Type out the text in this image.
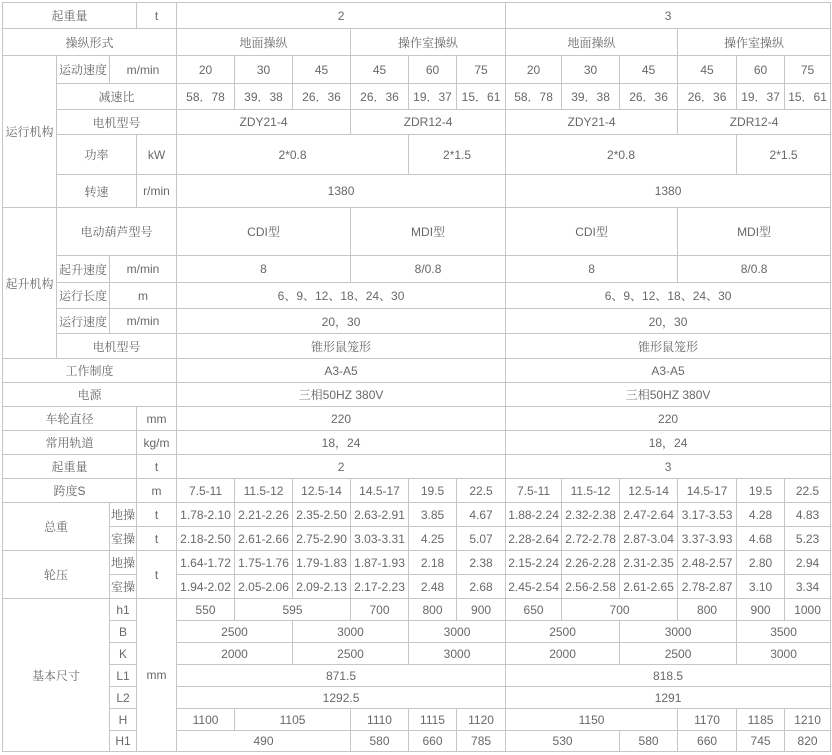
起重量			t	2						3					
操纵形式				地面操纵			操作室操纵			地面操纵			操作室操纵		
运行机构	运动速度	m/min		20	30	45	45	60	75	20	30	45	45	60	75
	减速比			58．78	39．38	26．36	26．36	19．37	15．61	58．78	39．38	26．36	26．36	19．37	15．61
	电机型号			ZDY21-4			ZDR12-4			ZDY21-4			ZDR12-4		
	功率		kW	2*0.8				2*1.5		2*0.8				2*1.5	
	转速		r/min	1380						1380					
起升机构	电动葫芦型号			CDI型			MDI型			CDI型			MDI型		
	起升速度	m/min		8			8/0.8			8			8/0.8		
	运行长度	m		6、9、12、18、24、30						6、9、12、18、24、30					
	运行速度	m/min		20，30						20，30					
	电机型号			锥形鼠笼形						锥形鼠笼形					
工作制度				A3-A5						A3-A5					
电源				三相50HZ 380V						三相50HZ 380V					
车轮直径			mm	220						220					
常用轨道			kg/m	18，24						18，24					
起重量			t	2						3					
跨度S			m	7.5-11	11.5-12	12.5-14	14.5-17	19.5	22.5	7.5-11	11.5-12	12.5-14	14.5-17	19.5	22.5
总重		地操	t	1.78-2.10	2.21-2.26	2.35-2.50	2.63-2.91	3.85	4.67	1.88-2.24	2.32-2.38	2.47-2.64	3.17-3.53	4.28	4.83
		室操	t	2.18-2.50	2.61-2.66	2.75-2.90	3.03-3.31	4.25	5.07	2.28-2.64	2.72-2.78	2.87-3.04	3.37-3.93	4.68	5.23
轮压		地操	t	1.64-1.72	1.75-1.76	1.79-1.83	1.87-1.93	2.18	2.38	2.15-2.24	2.26-2.28	2.31-2.35	2.48-2.57	2.80	2.94
		室操		1.94-2.02	2.05-2.06	2.09-2.13	2.17-2.23	2.48	2.68	2.45-2.54	2.56-2.58	2.61-2.65	2.78-2.87	3.10	3.34
基本尺寸		h1	mm	550	595		700	800	900	650	700		800	900	1000
		B		2500		3000		3000		2500		3000		3500	
		K		2000		2500		3000		2000		2500		3000	
		L1		871.5						818.5					
		L2		1292.5						1291					
		H		1100	1105		1110	1115	1120	1150			1170	1185	1210
		H1		490			580	660	785	530		580	660	745	820
